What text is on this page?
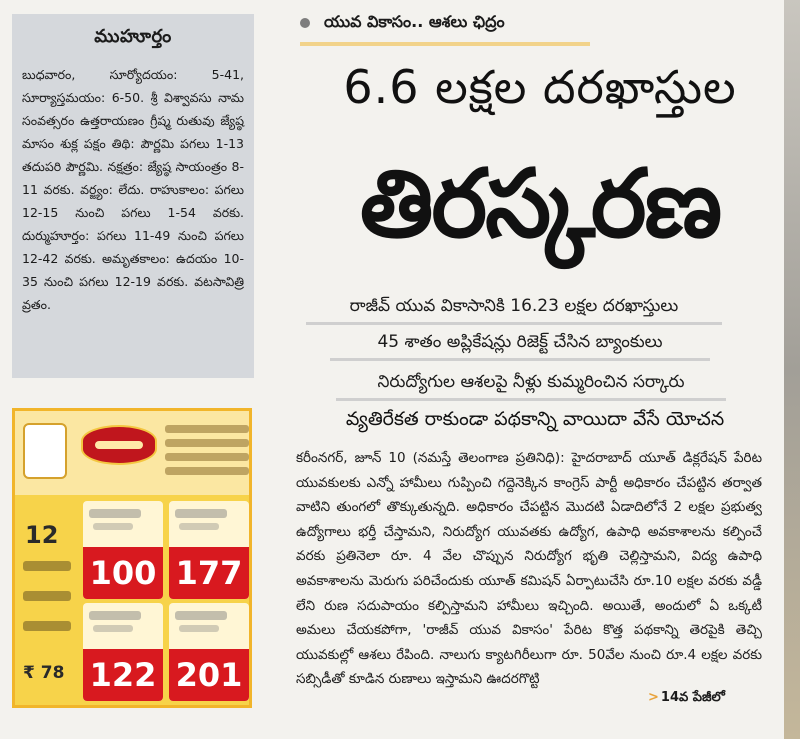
ముహూర్తం

బుధవారం, సూర్యోదయం: 5-41, సూర్యాస్తమయం: 6-50. శ్రీ విశ్వావసు నామ సంవత్సరం ఉత్తరాయణం గ్రీష్మ రుతువు జ్యేష్ఠ మాసం శుక్ల పక్షం తిథి: పౌర్ణమి పగలు 1-13 తదుపరి పౌర్ణమి. నక్షత్రం: జ్యేష్ఠ సాయంత్రం 8-11 వరకు. వర్జ్యం: లేదు. రాహుకాలం: పగలు 12-15 నుంచి పగలు 1-54 వరకు. దుర్ముహూర్తం: పగలు 11-49 నుంచి పగలు 12-42 వరకు. అమృతకాలం: ఉదయం 10-35 నుంచి పగలు 12-19 వరకు. వటసావిత్రి వ్రతం.

12
₹ 78
100 177
122 201
యువ వికాసం.. ఆశలు ఛిద్రం
6.6 లక్షల దరఖాస్తుల
తిరస్కరణ
రాజీవ్ యువ వికాసానికి 16.23 లక్షల దరఖాస్తులు
45 శాతం అప్లికేషన్లు రిజెక్ట్ చేసిన బ్యాంకులు
నిరుద్యోగుల ఆశలపై నీళ్లు కుమ్మరించిన సర్కారు
వ్యతిరేకత రాకుండా పథకాన్ని వాయిదా వేసే యోచన
కరీంనగర్, జూన్ 10 (నమస్తే తెలంగాణ ప్రతినిధి): హైదరాబాద్ యూత్ డిక్లరేషన్ పేరిట యువకులకు ఎన్నో హామీలు గుప్పించి గద్దెనెక్కిన కాంగ్రెస్ పార్టీ అధికారం చేపట్టిన తర్వాత వాటిని తుంగలో తొక్కుతున్నది. అధికారం చేపట్టిన మొదటి ఏడాదిలోనే 2 లక్షల ప్రభుత్వ ఉద్యోగాలు భర్తీ చేస్తామని, నిరుద్యోగ యువతకు ఉద్యోగ, ఉపాధి అవకాశాలను కల్పించే వరకు ప్రతినెలా రూ. 4 వేల చొప్పున నిరుద్యోగ భృతి చెల్లిస్తామని, విద్య ఉపాధి అవకాశాలను మెరుగు పరిచేందుకు యూత్ కమిషన్ ఏర్పాటుచేసి రూ.10 లక్షల వరకు వడ్డీ లేని రుణ సదుపాయం కల్పిస్తామని హామీలు ఇచ్చింది. అయితే, అందులో ఏ ఒక్కటీ అమలు చేయకపోగా, 'రాజీవ్ యువ వికాసం' పేరిట కొత్త పథకాన్ని తెరపైకి తెచ్చి యువకుల్లో ఆశలు రేపింది. నాలుగు క్యాటగిరీలుగా రూ. 50వేల నుంచి రూ.4 లక్షల వరకు సబ్సిడీతో కూడిన రుణాలు ఇస్తామని ఊదరగొట్టి
> 14వ పేజీలో
